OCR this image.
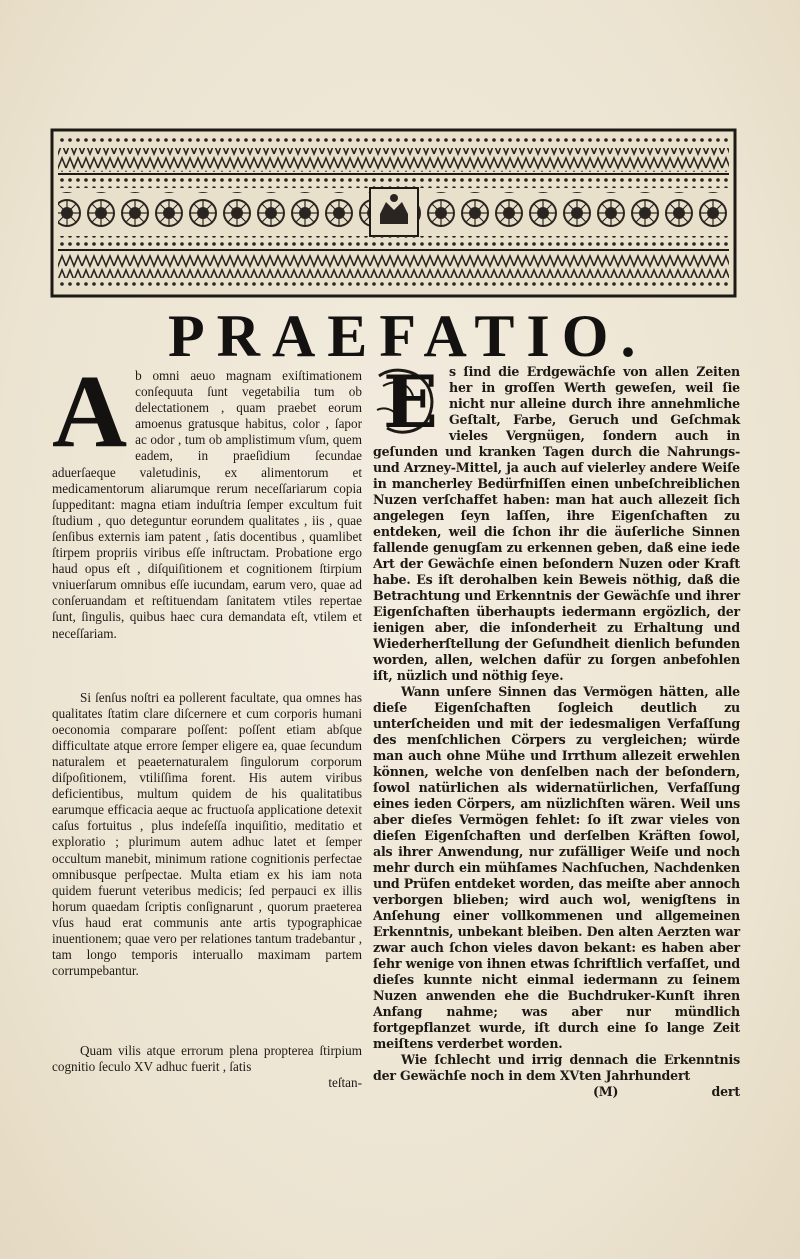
PRAEFATIO.
A b omni aeuo magnam exiſtimationem conſequuta ſunt vegetabilia tum ob delectationem , quam praebet eorum amoenus gratusque habitus, color , ſapor ac odor , tum ob amplistimum vſum, quem eadem, in praeſidium ſecundae aduerſaeque valetudinis, ex alimentorum et medicamentorum aliarumque rerum neceſſariarum copia ſuppeditant: magna etiam induſtria ſemper excultum fuit ſtudium , quo deteguntur eorundem qualitates , iis , quae ſenſibus externis iam patent , ſatis docentibus , quamlibet ſtirpem propriis viribus eſſe inſtructam. Probatione ergo haud opus eſt , diſquiſitionem et cognitionem ſtirpium vniuerſarum omnibus eſſe iucundam, earum vero, quae ad conſeruandam et reſtituendam ſanitatem vtiles repertae ſunt, ſingulis, quibus haec cura demandata eſt, vtilem et neceſſariam.

Si ſenſus noſtri ea pollerent facultate, qua omnes has qualitates ſtatim clare diſcernere et cum corporis humani oeconomia comparare poſſent: poſſent etiam abſque difficultate atque errore ſemper eligere ea, quae ſecundum naturalem et peaeternaturalem ſingulorum corporum diſpoſitionem, vtiliſſima forent. His autem viribus deficientibus, multum quidem de his qualitatibus earumque efficacia aeque ac fructuoſa applicatione detexit caſus fortuitus , plus indeſeſſa inquiſitio, meditatio et exploratio ; plurimum autem adhuc latet et ſemper occultum manebit, minimum ratione cognitionis perfectae omnibusque perſpectae. Multa etiam ex his iam nota quidem fuerunt veteribus medicis; ſed perpauci ex illis horum quaedam ſcriptis conſignarunt , quorum praeterea vſus haud erat communis ante artis typographicae inuentionem; quae vero per relationes tantum tradebantur , tam longo temporis interuallo maximam partem corrumpebantur.

Quam vilis atque errorum plena propterea ſtirpium cognitio ſeculo XV adhuc fuerit , ſatis

teſtan-
E s ſind die Erdgewächſe von allen Zeiten her in groſſen Werth geweſen, weil ſie nicht nur alleine durch ihre annehmliche Geſtalt, Farbe, Geruch und Geſchmak vieles Vergnügen, ſondern auch in geſunden und kranken Tagen durch die Nahrungs- und Arzney-Mittel, ja auch auf vielerley andere Weiſe in mancherley Bedürfniſſen einen unbeſchreiblichen Nuzen verſchaffet haben: man hat auch allezeit ſich angelegen ſeyn laſſen, ihre Eigenſchaften zu entdeken, weil die ſchon ihr die äuſerliche Sinnen fallende genugſam zu erkennen geben, daß eine iede Art der Gewächſe einen beſondern Nuzen oder Kraft habe. Es iſt derohalben kein Beweis nöthig, daß die Betrachtung und Erkenntnis der Gewächſe und ihrer Eigenſchaften überhaupts iedermann ergözlich, der ienigen aber, die inſonderheit zu Erhaltung und Wiederherſtellung der Geſundheit dienlich befunden worden, allen, welchen dafür zu ſorgen anbefohlen iſt, nüzlich und nöthig ſeye.

Wann unſere Sinnen das Vermögen hätten, alle dieſe Eigenſchaften ſogleich deutlich zu unterſcheiden und mit der iedesmaligen Verfaſſung des menſchlichen Cörpers zu vergleichen; würde man auch ohne Mühe und Irrthum allezeit erwehlen können, welche von denſelben nach der beſondern, ſowol natürlichen als widernatürlichen, Verfaſſung eines ieden Cörpers, am nüzlichſten wären. Weil uns aber dieſes Vermögen fehlet: ſo iſt zwar vieles von dieſen Eigenſchaften und derſelben Kräften ſowol, als ihrer Anwendung, nur zufälliger Weiſe und noch mehr durch ein mühſames Nachſuchen, Nachdenken und Prüfen entdeket worden, das meiſte aber annoch verborgen blieben; wird auch wol, wenigſtens in Anſehung einer vollkommenen und allgemeinen Erkenntnis, unbekant bleiben. Den alten Aerzten war zwar auch ſchon vieles davon bekant: es haben aber ſehr wenige von ihnen etwas ſchriftlich verfaſſet, und dieſes kunnte nicht einmal iedermann zu ſeinem Nuzen anwenden ehe die Buchdruker-Kunſt ihren Anfang nahme; was aber nur mündlich fortgepflanzet wurde, iſt durch eine ſo lange Zeit meiſtens verderbet worden.

Wie ſchlecht und irrig dennach die Erkenntnis der Gewächſe noch in dem XVten Jahrhundert

(M)	dert
